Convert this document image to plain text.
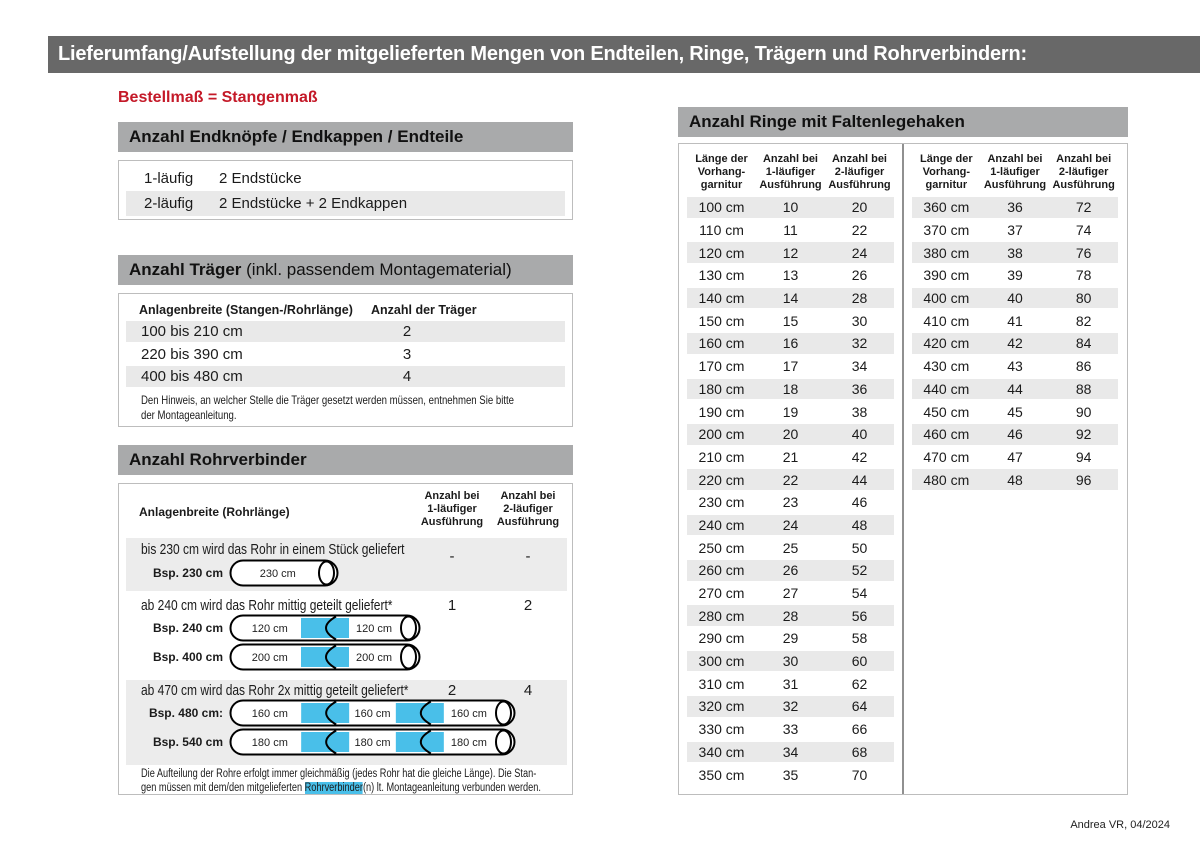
Lieferumfang/Aufstellung der mitgelieferten Mengen von Endteilen, Ringe, Trägern und Rohrverbindern:
Bestellmaß = Stangenmaß
Anzahl Endknöpfe / Endkappen / Endteile
1-läufig	2 Endstücke
2-läufig	2 Endstücke + 2 Endkappen
Anzahl Träger (inkl. passendem Montagematerial)
Anlagenbreite (Stangen-/Rohrlänge) Anzahl der Träger
100 bis 210 cm	2
220 bis 390 cm	3
400 bis 480 cm	4
Den Hinweis, an welcher Stelle die Träger gesetzt werden müssen, entnehmen Sie bitte
der Montageanleitung.
Anzahl Rohrverbinder
Anlagenbreite (Rohrlänge)
Anzahl bei
1-läufiger
Ausführung
Anzahl bei
2-läufiger
Ausführung
bis 230 cm wird das Rohr in einem Stück geliefert	-	-
Bsp. 230 cm	230 cm
ab 240 cm wird das Rohr mittig geteilt geliefert*	1	2
Bsp. 240 cm	120 cm	120 cm
Bsp. 400 cm	200 cm	200 cm
ab 470 cm wird das Rohr 2x mittig geteilt geliefert*	2	4
Bsp. 480 cm:	160 cm	160 cm	160 cm
Bsp. 540 cm	180 cm	180 cm	180 cm
Die Aufteilung der Rohre erfolgt immer gleichmäßig (jedes Rohr hat die gleiche Länge). Die Stan-
gen müssen mit dem/den mitgelieferten Rohrverbinder(n) lt. Montageanleitung verbunden werden.
Anzahl Ringe mit Faltenlegehaken
Länge der
Vorhang-
garnitur
Anzahl bei
1-läufiger
Ausführung
Anzahl bei
2-läufiger
Ausführung
100 cm	10	20
110 cm	11	22
120 cm	12	24
130 cm	13	26
140 cm	14	28
150 cm	15	30
160 cm	16	32
170 cm	17	34
180 cm	18	36
190 cm	19	38
200 cm	20	40
210 cm	21	42
220 cm	22	44
230 cm	23	46
240 cm	24	48
250 cm	25	50
260 cm	26	52
270 cm	27	54
280 cm	28	56
290 cm	29	58
300 cm	30	60
310 cm	31	62
320 cm	32	64
330 cm	33	66
340 cm	34	68
350 cm	35	70
Länge der
Vorhang-
garnitur
Anzahl bei
1-läufiger
Ausführung
Anzahl bei
2-läufiger
Ausführung
360 cm	36	72
370 cm	37	74
380 cm	38	76
390 cm	39	78
400 cm	40	80
410 cm	41	82
420 cm	42	84
430 cm	43	86
440 cm	44	88
450 cm	45	90
460 cm	46	92
470 cm	47	94
480 cm	48	96
Andrea VR, 04/2024
